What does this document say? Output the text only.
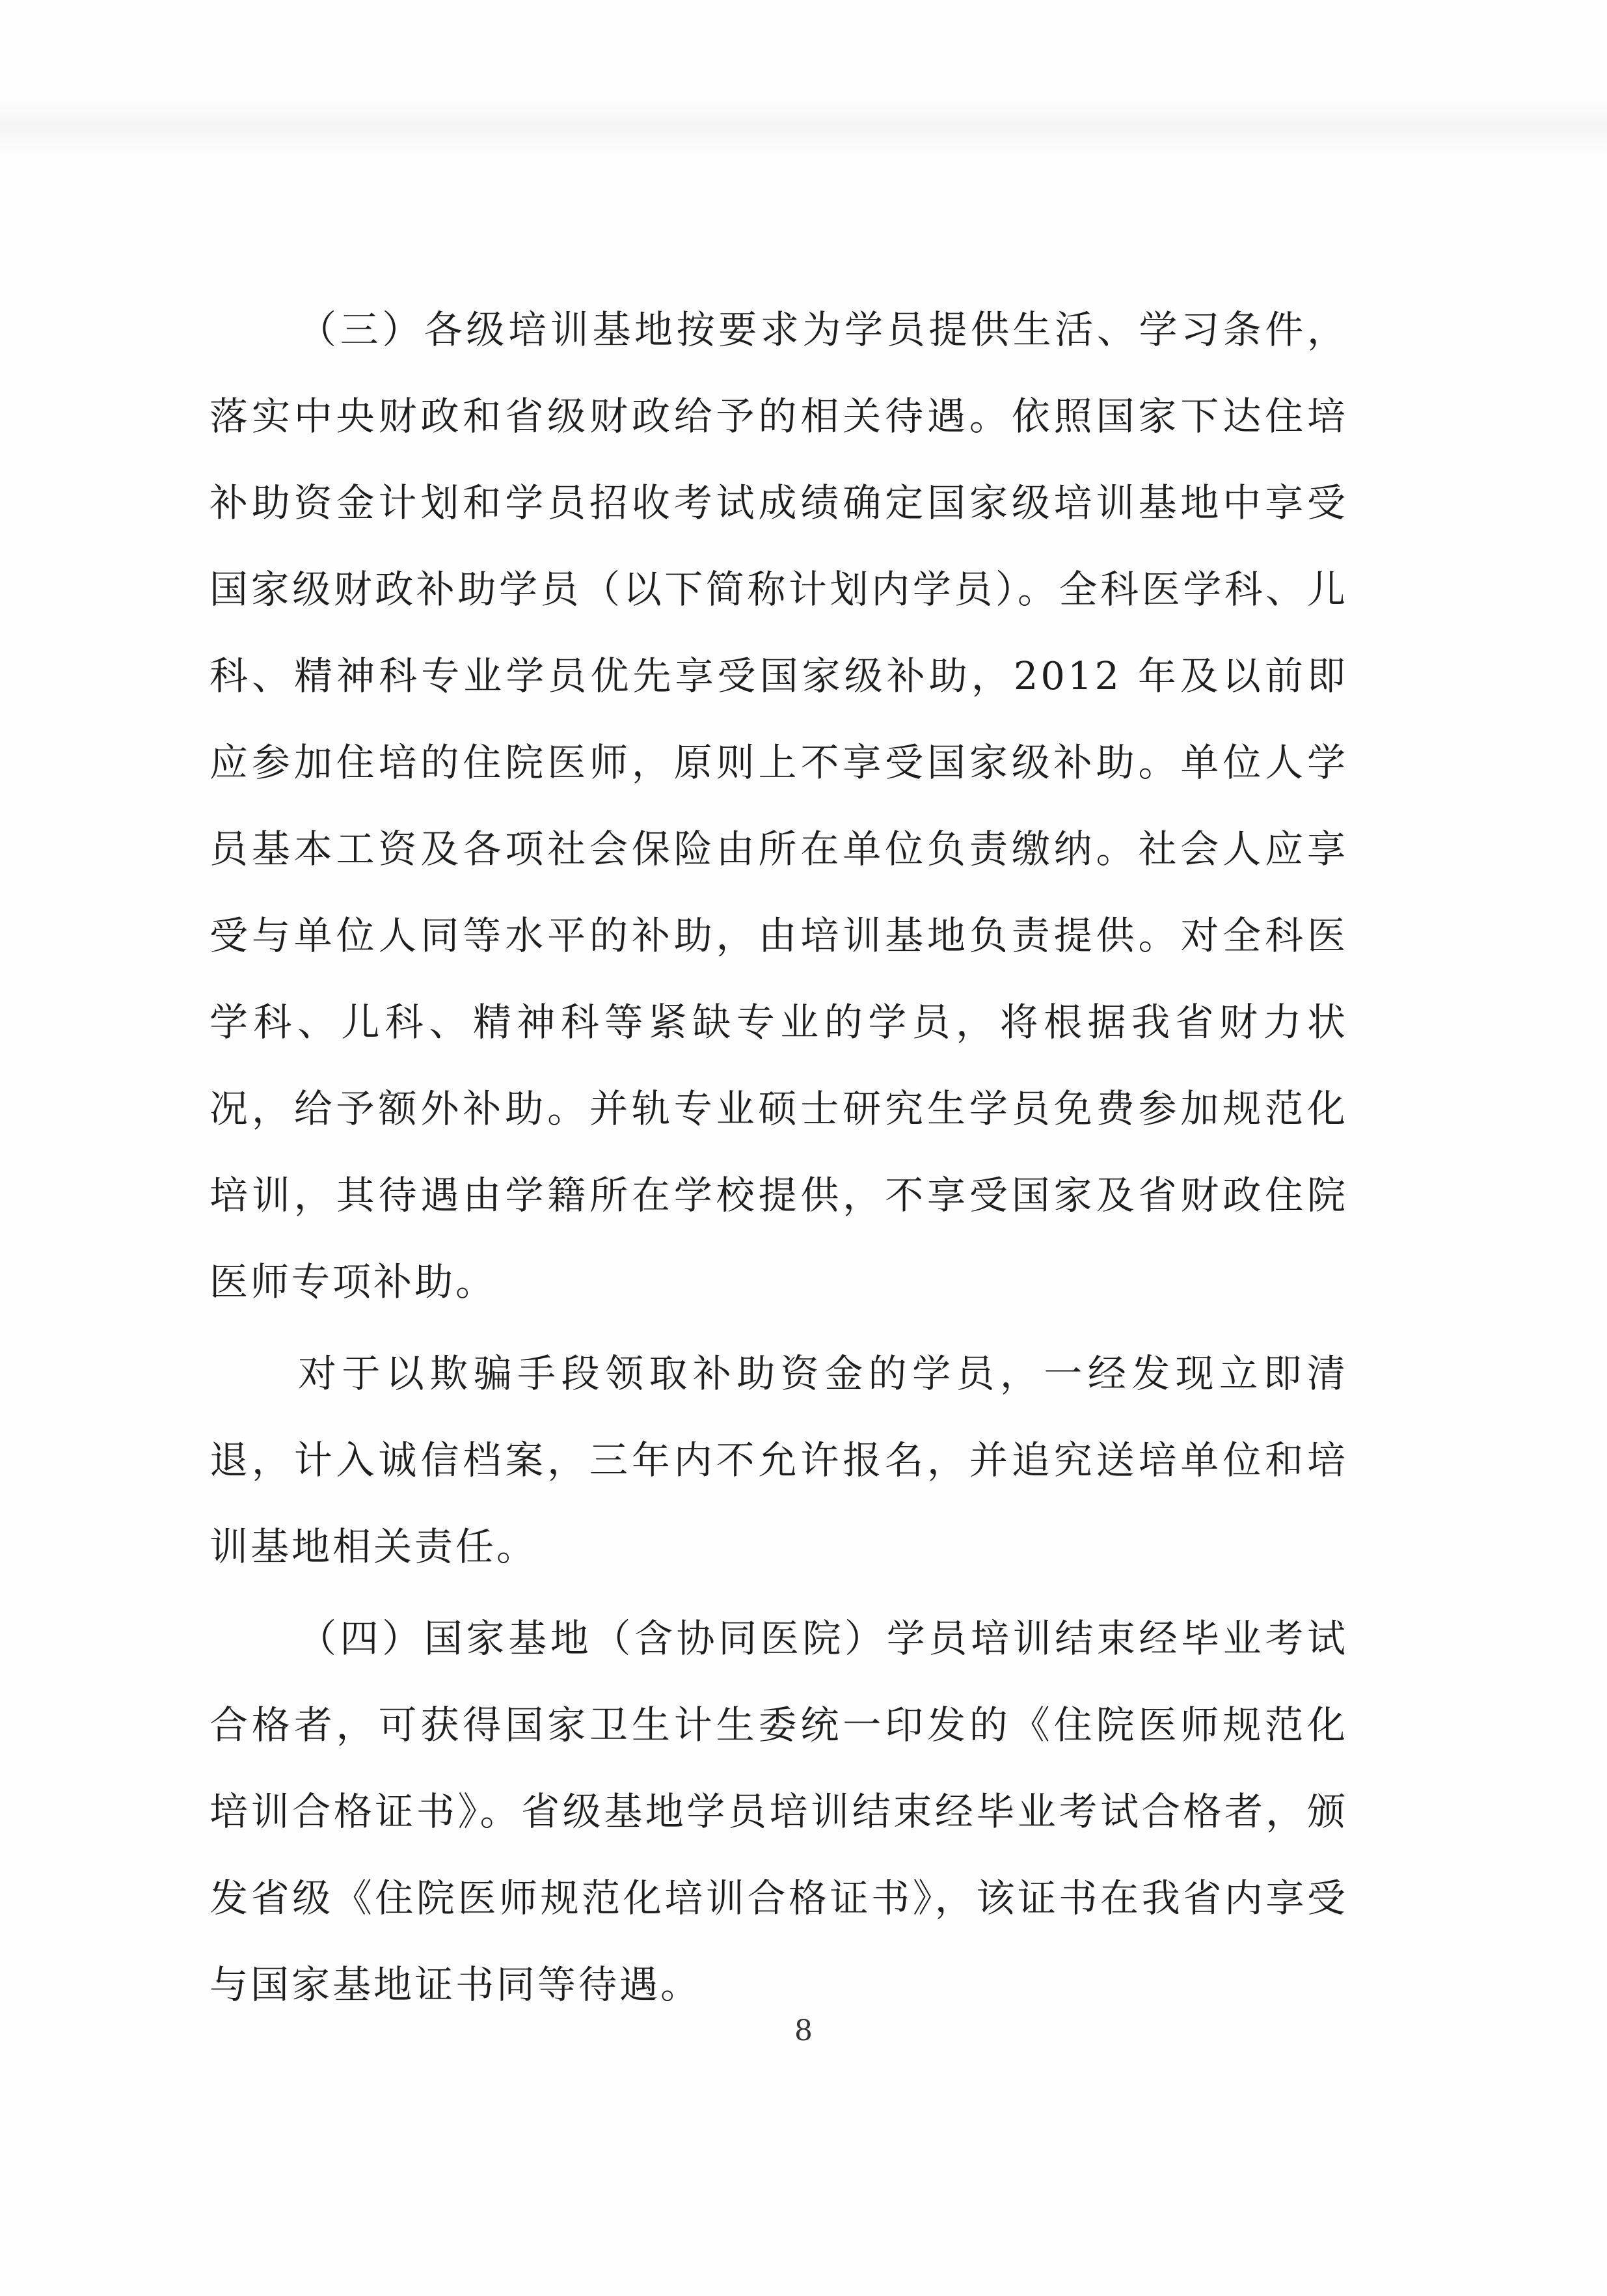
（三）各级培训基地按要求为学员提供生活、学习条件，落实中央财政和省级财政给予的相关待遇。依照国家下达住培补助资金计划和学员招收考试成绩确定国家级培训基地中享受国家级财政补助学员（以下简称计划内学员）。全科医学科、儿科、精神科专业学员优先享受国家级补助，2012 年及以前即应参加住培的住院医师，原则上不享受国家级补助。单位人学员基本工资及各项社会保险由所在单位负责缴纳。社会人应享受与单位人同等水平的补助，由培训基地负责提供。对全科医学科、儿科、精神科等紧缺专业的学员，将根据我省财力状况，给予额外补助。并轨专业硕士研究生学员免费参加规范化培训，其待遇由学籍所在学校提供，不享受国家及省财政住院医师专项补助。

对于以欺骗手段领取补助资金的学员，一经发现立即清退，计入诚信档案，三年内不允许报名，并追究送培单位和培训基地相关责任。

（四）国家基地（含协同医院）学员培训结束经毕业考试合格者，可获得国家卫生计生委统一印发的《住院医师规范化培训合格证书》。省级基地学员培训结束经毕业考试合格者，颁发省级《住院医师规范化培训合格证书》，该证书在我省内享受与国家基地证书同等待遇。

8
